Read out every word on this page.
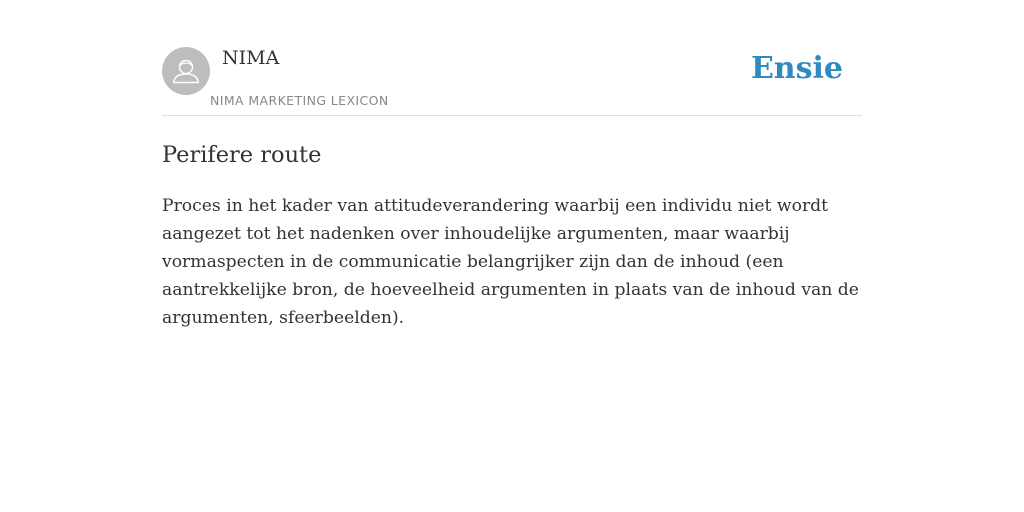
NIMA
NIMA MARKETING LEXICON
Ensie
Perifere route

Proces in het kader van attitudeverandering waarbij een individu niet wordt aangezet tot het nadenken over inhoudelijke argumenten, maar waarbij vormaspecten in de communicatie belangrijker zijn dan de inhoud (een aantrekkelijke bron, de hoeveelheid argumenten in plaats van de inhoud van de argumenten, sfeerbeelden).
